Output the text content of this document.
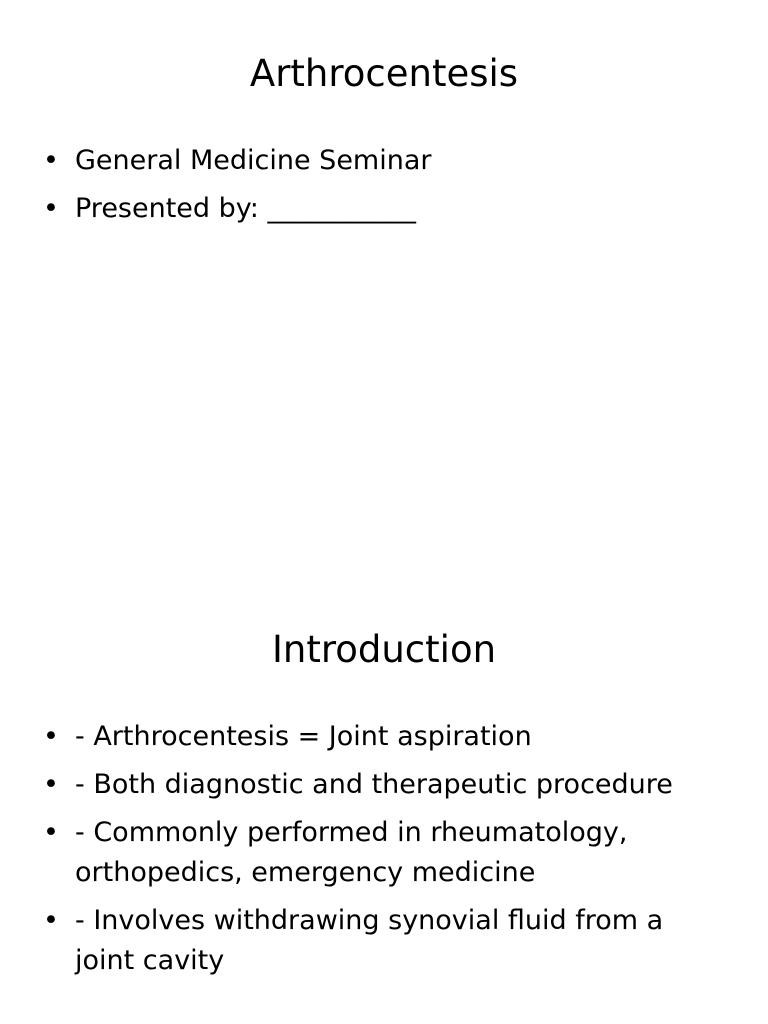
Arthrocentesis
• General Medicine Seminar
• Presented by: ___________
Introduction
• - Arthrocentesis = Joint aspiration
• - Both diagnostic and therapeutic procedure
• - Commonly performed in rheumatology, orthopedics, emergency medicine
• - Involves withdrawing synovial fluid from a joint cavity
